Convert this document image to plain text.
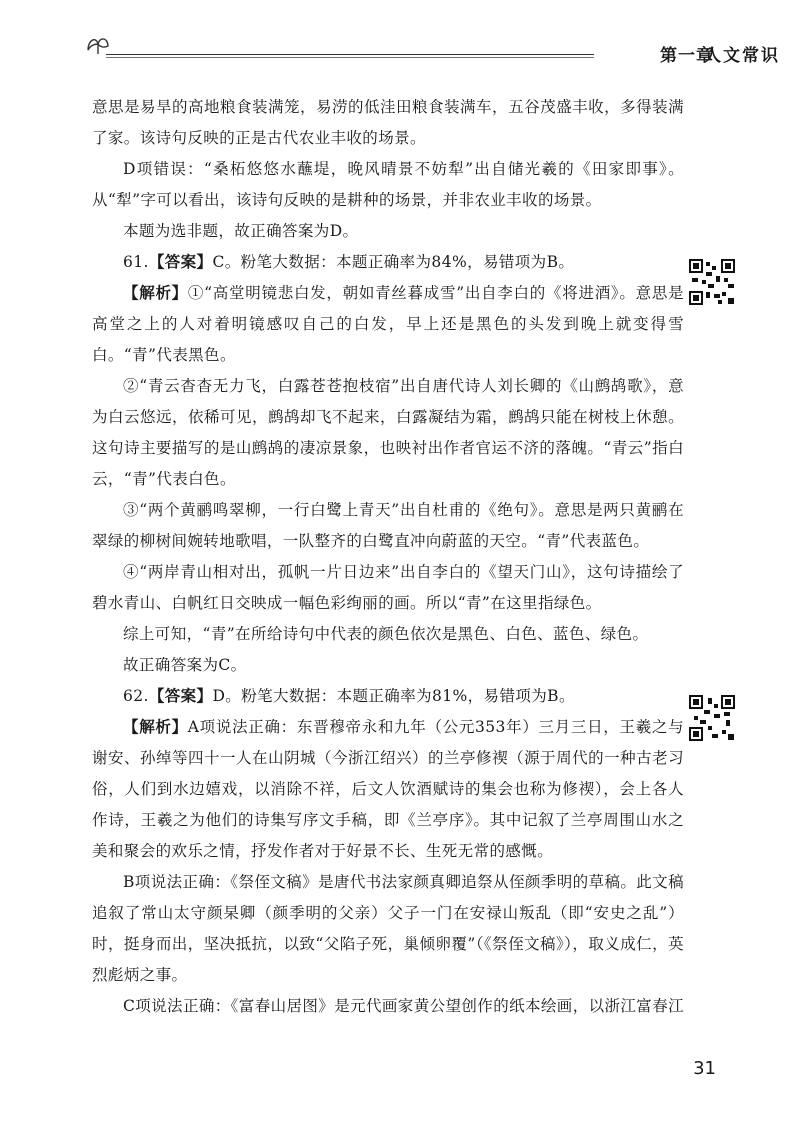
第一章
人文常识

意思是易旱的高地粮食装满笼，易涝的低洼田粮食装满车，五谷茂盛丰收，多得装满了家。该诗句反映的正是古代农业丰收的场景。

D项错误：“桑柘悠悠水蘸堤，晚风晴景不妨犁”出自储光羲的《田家即事》。从“犁”字可以看出，该诗句反映的是耕种的场景，并非农业丰收的场景。

本题为选非题，故正确答案为D。

61.【答案】C。粉笔大数据：本题正确率为84%，易错项为B。

【解析】①“高堂明镜悲白发，朝如青丝暮成雪”出自李白的《将进酒》。意思是高堂之上的人对着明镜感叹自己的白发，早上还是黑色的头发到晚上就变得雪白。“青”代表黑色。

②“青云杳杳无力飞，白露苍苍抱枝宿”出自唐代诗人刘长卿的《山鹧鸪歌》，意为白云悠远，依稀可见，鹧鸪却飞不起来，白露凝结为霜，鹧鸪只能在树枝上休憩。这句诗主要描写的是山鹧鸪的凄凉景象，也映衬出作者官运不济的落魄。“青云”指白云，“青”代表白色。

③“两个黄鹂鸣翠柳，一行白鹭上青天”出自杜甫的《绝句》。意思是两只黄鹂在翠绿的柳树间婉转地歌唱，一队整齐的白鹭直冲向蔚蓝的天空。“青”代表蓝色。

④“两岸青山相对出，孤帆一片日边来”出自李白的《望天门山》，这句诗描绘了碧水青山、白帆红日交映成一幅色彩绚丽的画。所以“青”在这里指绿色。

综上可知，“青”在所给诗句中代表的颜色依次是黑色、白色、蓝色、绿色。

故正确答案为C。

62.【答案】D。粉笔大数据：本题正确率为81%，易错项为B。

【解析】A项说法正确：东晋穆帝永和九年（公元353年）三月三日，王羲之与谢安、孙绰等四十一人在山阴城（今浙江绍兴）的兰亭修禊（源于周代的一种古老习俗，人们到水边嬉戏，以消除不祥，后文人饮酒赋诗的集会也称为修禊），会上各人作诗，王羲之为他们的诗集写序文手稿，即《兰亭序》。其中记叙了兰亭周围山水之美和聚会的欢乐之情，抒发作者对于好景不长、生死无常的感慨。

B项说法正确：《祭侄文稿》是唐代书法家颜真卿追祭从侄颜季明的草稿。此文稿追叙了常山太守颜杲卿（颜季明的父亲）父子一门在安禄山叛乱（即“安史之乱”）时，挺身而出，坚决抵抗，以致“父陷子死，巢倾卵覆”（《祭侄文稿》），取义成仁，英烈彪炳之事。

C项说法正确：《富春山居图》是元代画家黄公望创作的纸本绘画，以浙江富春江

31
